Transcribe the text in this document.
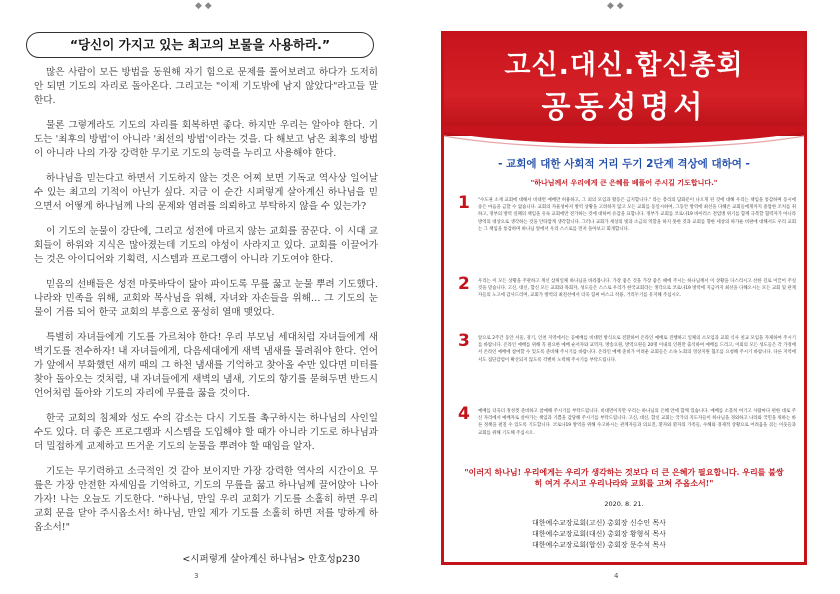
◆ ◆	◆ ◆
“당신이 가지고 있는 최고의 보물을 사용하라.”

많은 사람이 모든 방법을 동원해 자기 힘으로 문제를 풀어보려고 하다가 도저히 안 되면 기도의 자리로 돌아온다. 그리고는 "이제 기도밖에 남지 않았다"라고들 말한다.

물론 그렇게라도 기도의 자리를 회복하면 좋다. 하지만 우리는 알아야 한다. 기도는 '최후의 방법'이 아니라 '최선의 방법'이라는 것을. 다 해보고 남은 최후의 방법이 아니라 나의 가장 강력한 무기로 기도의 능력을 누리고 사용해야 한다.

하나님을 믿는다고 하면서 기도하지 않는 것은 어찌 보면 기독교 역사상 일어날 수 있는 최고의 기적이 아닌가 싶다. 지금 이 순간 시퍼렇게 살아계신 하나님을 믿으면서 어떻게 하나님께 나의 문제와 염려를 의뢰하고 부탁하지 않을 수 있는가?

이 기도의 눈물이 강단에, 그리고 성전에 마르지 않는 교회를 꿈꾼다. 이 시대 교회들이 하위와 지식은 많아졌는데 기도의 야성이 사라지고 있다. 교회를 이끌어가는 것은 아이디어와 기획력, 시스템과 프로그램이 아니라 기도여야 한다.

믿음의 선배들은 성전 마룻바닥이 닳아 파이도록 무릎 꿇고 눈물 뿌려 기도했다. 나라와 민족을 위해, 교회와 목사님을 위해, 자녀와 자손들을 위해… 그 기도의 눈물이 거름 되어 한국 교회의 부흥으로 풍성히 열매 맺었다.

특별히 자녀들에게 기도를 가르쳐야 한다! 우리 부모님 세대처럼 자녀들에게 새벽기도를 전수하자! 내 자녀들에게, 다음세대에게 새벽 냄새를 물려줘야 한다. 언어가 앞에서 부화했던 새끼 때의 그 하천 냄새를 기억하고 찾아올 수만 있다면 미터를 찾아 돌아오는 것처럼, 내 자녀들에게 새벽의 냄새, 기도의 향기를 묻혀두면 반드시 언어처럼 돌아와 기도의 자리에 무릎을 꿇을 것이다.

한국 교회의 침체와 성도 수의 감소는 다시 기도를 촉구하시는 하나님의 사인일 수도 있다. 더 좋은 프로그램과 시스템을 도입해야 할 때가 아니라 기도로 하나님과 더 밀접하게 교제하고 뜨거운 기도의 눈물을 뿌려야 할 때임을 알자.

기도는 무기력하고 소극적인 것 같아 보이지만 가장 강력한 역사의 시간이요 무릎은 가장 안전한 자세임을 기억하고, 기도의 무릎을 꿇고 하나님께 끌어앉아 나아가자! 나는 오늘도 기도한다. "하나님, 만일 우리 교회가 기도를 소홀히 하면 우리 교회 문을 닫아 주시옵소서! 하나님, 만일 제가 기도를 소홀히 하면 저를 망하게 하옵소서!"

<시퍼렇게 살아계신 하나님> 안호성p230
3
고신.대신.합신총회
공동성명서
- 교회에 대한 사회적 거리 두기 2단계 격상에 대하여 -
"하나님께서 우리에게 큰 은혜를 베풀어 주시길 기도합니다."
1 "수도권 소재 교회에 대해서 비대면 예배만 허용하고, 그 외의 모임과 활동은 금지합니다." 라는 총리의 담화문이 나오게 된 것에 대해 우리는 책임을 통감하며 동시에 송은 마음을 금할 수 없습니다. 교회의 자율성마저 방역 상황을 고려하지 않고 모든 교회를 동일시하여, 그동안 방역에 최선을 다해온 교회들에게까지 중압한 조처를 취하고, 정부의 방역 실패의 책임을 유독 교회에만 전가하는 것에 대하여 유감을 표합니다. 정부가 교회를 코로나19 바이러스 전염병 위기를 함께 극복할 협력자가 아니라 방역의 대상으로 생각하는 것을 안타깝게 생각합니다. 그러나 교회가 세상의 빛과 소금의 역할을 하지 못한 것과 교회를 향한 세상의 따가운 비판에 대해서도 우리 교회는 그 책임을 통감하며 하나님 앞에서 우리 스스로를 먼저 돌아보고 회개합니다.
2 우리는 이 모든 상황을 주관하고 계신 삼위일체 하나님을 바라봅니다. 가장 좋은 것을 가장 좋은 때에 주시는 하나님께서 이 상황을 다스리시고 선한 길로 이끌어 주실 것을 믿습니다. 고신, 대신, 합신 모든 교회와 목회자, 성도들은 스스로 우리가 한국교회라는 생각으로 코로나19 방역에 지금까지 최선을 다해오시는 모든 교회 및 관계자들의 노고에 감사드리며, 교회가 방역의 최전선에서 더욱 힘써 마스크 착용, 거리두기를 유지해 주십시오.
3 앞으로 2주간 동안 서울, 경기, 인천 지역에서는 공예배를 비대면 방식으로 전환하여 온라인 예배로 진행하고 일체의 소모임과 교회 식사 친교 모임을 자제하여 주시기를 바랍니다. 온라인 예배를 위해 꼭 필요한 예배 순서자와 교역자, 방송요원, 방역요원들 20명 이내의 인원만 출석하여 예배를 드리고, 이외의 모든 성도들은 각 가정에서 온라인 예배에 참여할 수 있도록 준비해 주시기를 바랍니다. 온라인 예배 준비가 어려운 교회들은 소속 노회의 영상지원 협조를 요청해 주시기 바랍니다. 다른 지역에서도 집단감염이 확산되지 않도록 각별히 노력해 주시기를 부탁드립니다.
4 예배를 더욱더 정성껏 준비하고 참예해 주시기를 부탁드립니다. 비대면이지만 우리는 하나님의 은혜 안에 함께 있습니다. 예배를 소홀히 여기고 사람마다 편한 대로 주신 자리에서 예배자로 살아가는 책임과 기쁨을 감당해 주시기를 부탁드립니다. 고신, 대신, 합신 교회는 국가의 지도자들이 하나님을 경외하고 나라와 국민을 위하는 바른 정책을 펼칠 수 있도록 기도합니다. 코로나19 방역을 위해 수고하시는 관계자들과 의료진, 환자와 환자의 가족들, 수해와 경제적 상황으로 어려움을 겪는 이웃들과 교회를 위해 기도해 주십시오.
"이러지 하나님! 우리에게는 우리가 생각하는 것보다 더 큰 은혜가 필요합니다. 우리를 불쌍히 여겨 주시고 우리나라와 교회를 고쳐 주옵소서!"
2020. 8. 21.
대한예수교장로회(고신) 총회장 신수인 목사
대한예수교장로회(대신) 총회장 황형식 목사
대한예수교장로회(합신) 총회장 문수석 목사
4
